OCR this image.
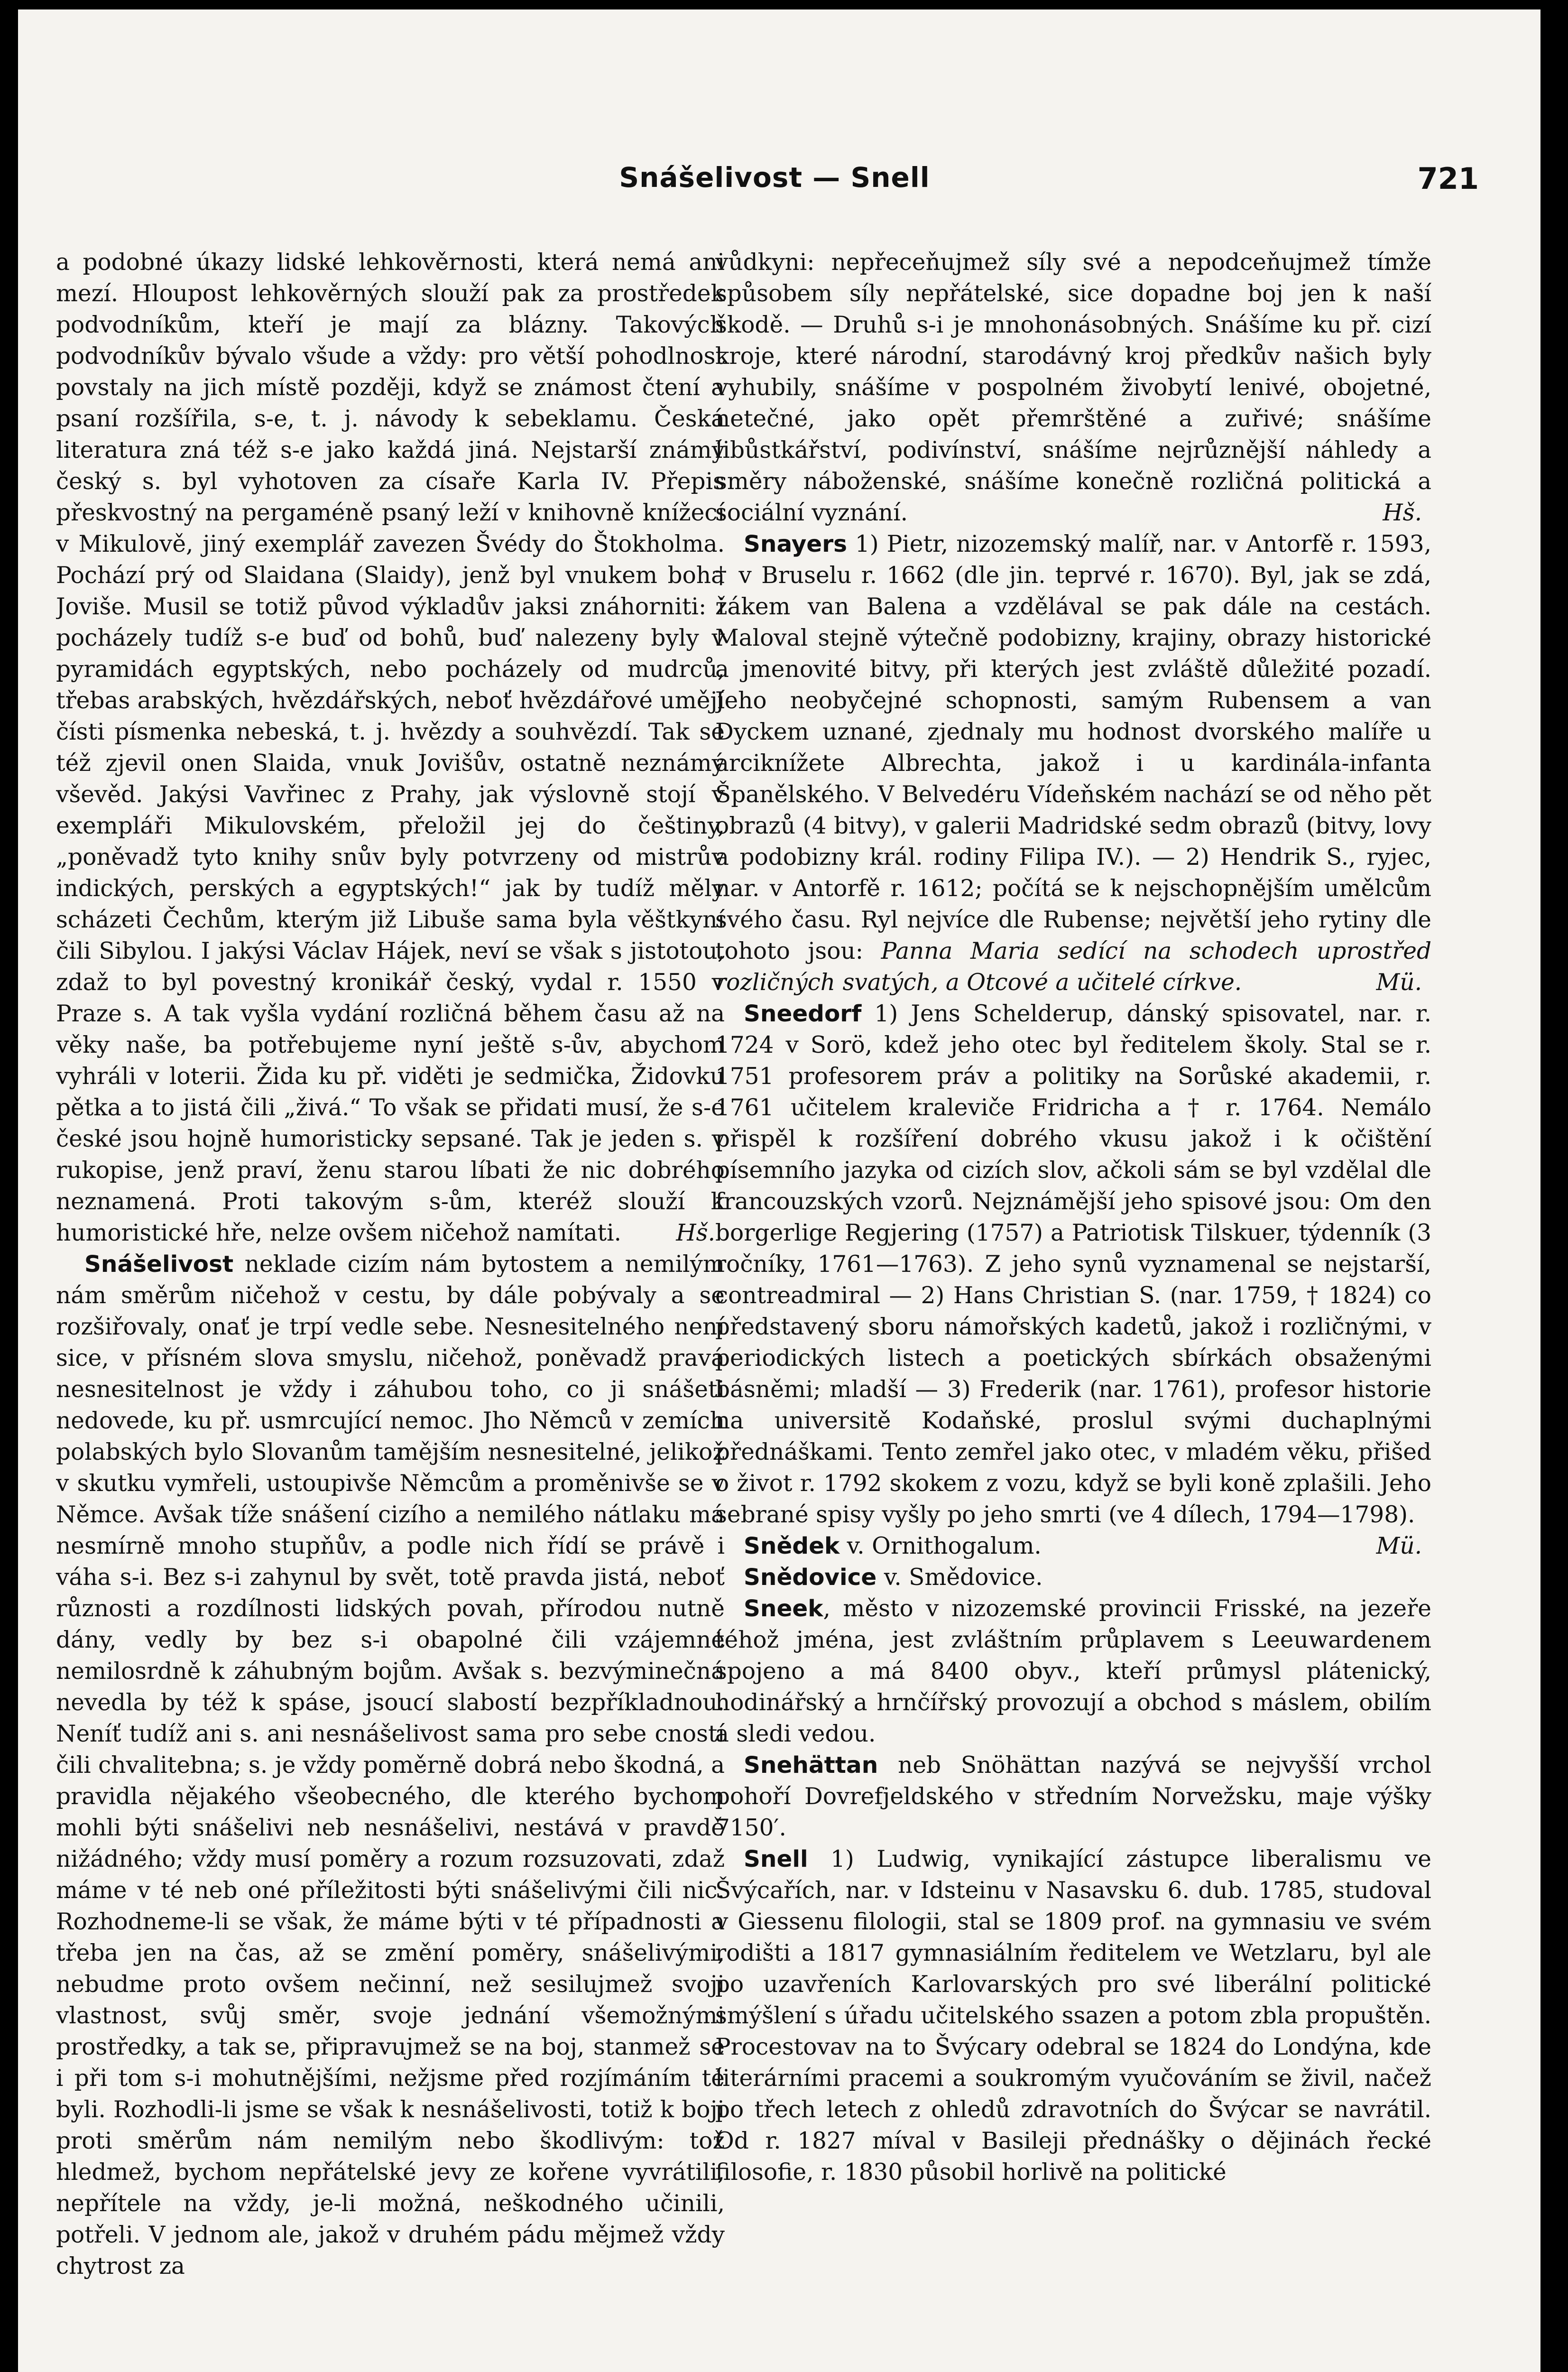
Snášelivost — Snell	721

a podobné úkazy lidské lehkověrnosti, která nemá ani mezí. Hloupost lehkověrných slouží pak za prostředek podvodníkům, kteří je mají za blázny. Takových podvodníkův bývalo všude a vždy: pro větší pohodlnost povstaly na jich místě později, když se známost čtení a psaní rozšířila, s-e, t. j. návody k sebeklamu. Česká literatura zná též s-e jako každá jiná. Nejstarší známý český s. byl vyhotoven za císaře Karla IV. Přepis přeskvostný na pergaméně psaný leží v knihovně knížecí v Mikulově, jiný exemplář zavezen Švédy do Štokholma. Pochází prý od Slaidana (Slaidy), jenž byl vnukem boha Joviše. Musil se totiž původ výkladův jaksi znáhorniti: i pocházely tudíž s-e buď od bohů, buď nalezeny byly v pyramidách egyptských, nebo pocházely od mudrců, třebas arabských, hvězdářských, neboť hvězdářové umějí čísti písmenka nebeská, t. j. hvězdy a souhvězdí. Tak se též zjevil onen Slaida, vnuk Jovišův, ostatně neznámý vševěd. Jakýsi Vavřinec z Prahy, jak výslovně stojí v exempláři Mikulovském, přeložil jej do češtiny, „poněvadž tyto knihy snův byly potvrzeny od mistrův indických, perských a egyptských!“ jak by tudíž měly scházeti Čechům, kterým již Libuše sama byla věštkyní čili Sibylou. I jakýsi Václav Hájek, neví se však s jistotou, zdaž to byl povestný kronikář český, vydal r. 1550 v Praze s. A tak vyšla vydání rozličná během času až na věky naše, ba potřebujeme nyní ještě s-ův, abychom vyhráli v loterii. Žida ku př. viděti je sedmička, Židovku pětka a to jistá čili „živá.“ To však se přidati musí, že s-e české jsou hojně humoristicky sepsané. Tak je jeden s. v rukopise, jenž praví, ženu starou líbati že nic dobrého neznamená. Proti takovým s-ům, kteréž slouží k humoristické hře, nelze ovšem ničehož namítati. Hš.

Snášelivost neklade cizím nám bytostem a nemilým nám směrům ničehož v cestu, by dále pobývaly a se rozšiřovaly, onať je trpí vedle sebe. Nesnesitelného není sice, v přísném slova smyslu, ničehož, poněvadž pravá nesnesitelnost je vždy i záhubou toho, co ji snášeti nedovede, ku př. usmrcující nemoc. Jho Němců v zemích polabských bylo Slovanům tamějším nesnesitelné, jelikož v skutku vymřeli, ustoupivše Němcům a proměnivše se v Němce. Avšak tíže snášení cizího a nemilého nátlaku má nesmírně mnoho stupňův, a podle nich řídí se právě i váha s-i. Bez s-i zahynul by svět, totě pravda jistá, neboť různosti a rozdílnosti lidských povah, přírodou nutně dány, vedly by bez s-i obapolné čili vzájemné nemilosrdně k záhubným bojům. Avšak s. bezvýminečná nevedla by též k spáse, jsoucí slabostí bezpříkladnou. Neníť tudíž ani s. ani nesnášelivost sama pro sebe cností čili chvalitebna; s. je vždy poměrně dobrá nebo škodná, a pravidla nějakého všeobecného, dle kterého bychom mohli býti snášelivi neb nesnášelivi, nestává v pravdě nižádného; vždy musí poměry a rozum rozsuzovati, zdaž máme v té neb oné příležitosti býti snášelivými čili nic. Rozhodneme-li se však, že máme býti v té případnosti a třeba jen na čas, až se změní poměry, snášelivými, nebudme proto ovšem nečinní, než sesilujmež svoji vlastnost, svůj směr, svoje jednání všemožnými prostředky, a tak se, připravujmež se na boj, stanmež se i při tom s-i mohutnějšími, nežjsme před rozjímáním té byli. Rozhodli-li jsme se však k nesnášelivosti, totiž k boji proti směrům nám nemilým nebo škodlivým: tož hledmež, bychom nepřátelské jevy ze kořene vyvrátili, nepřítele na vždy, je-li možná, neškodného učinili, potřeli. V jednom ale, jakož v druhém pádu mějmež vždy chytrost za

vůdkyni: nepřeceňujmež síly své a nepodceňujmež tímže spůsobem síly nepřátelské, sice dopadne boj jen k naší škodě. — Druhů s-i je mnohonásobných. Snášíme ku př. cizí kroje, které národní, starodávný kroj předkův našich byly vyhubily, snášíme v pospolném živobytí lenivé, obojetné, netečné, jako opět přemrštěné a zuřivé; snášíme libůstkářství, podivínství, snášíme nejrůznější náhledy a směry náboženské, snášíme konečně rozličná politická a sociální vyznání.	Hš.

Snayers 1) Pietr, nizozemský malíř, nar. v Antorfě r. 1593, † v Bruselu r. 1662 (dle jin. teprvé r. 1670). Byl, jak se zdá, žákem van Balena a vzdělával se pak dále na cestách. Maloval stejně výtečně podobizny, krajiny, obrazy historické a jmenovité bitvy, při kterých jest zvláště důležité pozadí. Jeho neobyčejné schopnosti, samým Rubensem a van Dyckem uznané, zjednaly mu hodnost dvorského malíře u arciknížete Albrechta, jakož i u kardinála-infanta Španělského. V Belvedéru Vídeňském nachází se od něho pět obrazů (4 bitvy), v galerii Madridské sedm obrazů (bitvy, lovy a podobizny král. rodiny Filipa IV.). — 2) Hendrik S., ryjec, nar. v Antorfě r. 1612; počítá se k nejschopnějším umělcům svého času. Ryl nejvíce dle Rubense; největší jeho rytiny dle tohoto jsou: Panna Maria sedící na schodech uprostřed rozličných svatých, a Otcové a učitelé církve.	Mü.

Sneedorf 1) Jens Schelderup, dánský spisovatel, nar. r. 1724 v Sorö, kdež jeho otec byl ředitelem školy. Stal se r. 1751 profesorem práv a politiky na Sorůské akademii, r. 1761 učitelem kraleviče Fridricha a † r. 1764. Nemálo přispěl k rozšíření dobrého vkusu jakož i k očištění písemního jazyka od cizích slov, ačkoli sám se byl vzdělal dle francouzských vzorů. Nejznámější jeho spisové jsou: Om den borgerlige Regjering (1757) a Patriotisk Tilskuer, týdenník (3 ročníky, 1761—1763). Z jeho synů vyznamenal se nejstarší, contreadmiral — 2) Hans Christian S. (nar. 1759, † 1824) co představený sboru námořských kadetů, jakož i rozličnými, v periodických listech a poetických sbírkách obsaženými básněmi; mladší — 3) Frederik (nar. 1761), profesor historie na universitě Kodaňské, proslul svými duchaplnými přednáškami. Tento zemřel jako otec, v mladém věku, přišed o život r. 1792 skokem z vozu, když se byli koně zplašili. Jeho sebrané spisy vyšly po jeho smrti (ve 4 dílech, 1794—1798).
Mü.

Snědek v. Ornithogalum.

Snědovice v. Smědovice.

Sneek, město v nizozemské provincii Frisské, na jezeře téhož jména, jest zvláštním průplavem s Leeuwardenem spojeno a má 8400 obyv., kteří průmysl plátenický, hodinářský a hrnčířský provozují a obchod s máslem, obilím a sledi vedou.

Snehättan neb Snöhättan nazývá se nejvyšší vrchol pohoří Dovrefjeldského v středním Norvežsku, maje výšky 7150′.

Snell 1) Ludwig, vynikající zástupce liberalismu ve Švýcařích, nar. v Idsteinu v Nasavsku 6. dub. 1785, studoval v Giessenu filologii, stal se 1809 prof. na gymnasiu ve svém rodišti a 1817 gymnasiálním ředitelem ve Wetzlaru, byl ale po uzavřeních Karlovarských pro své liberální politické smýšlení s úřadu učitelského ssazen a potom zbla propuštěn. Procestovav na to Švýcary odebral se 1824 do Londýna, kde literárními pracemi a soukromým vyučováním se živil, načež po třech letech z ohledů zdravotních do Švýcar se navrátil. Od r. 1827 míval v Basileji přednášky o dějinách řecké filosofie, r. 1830 působil horlivě na politické
